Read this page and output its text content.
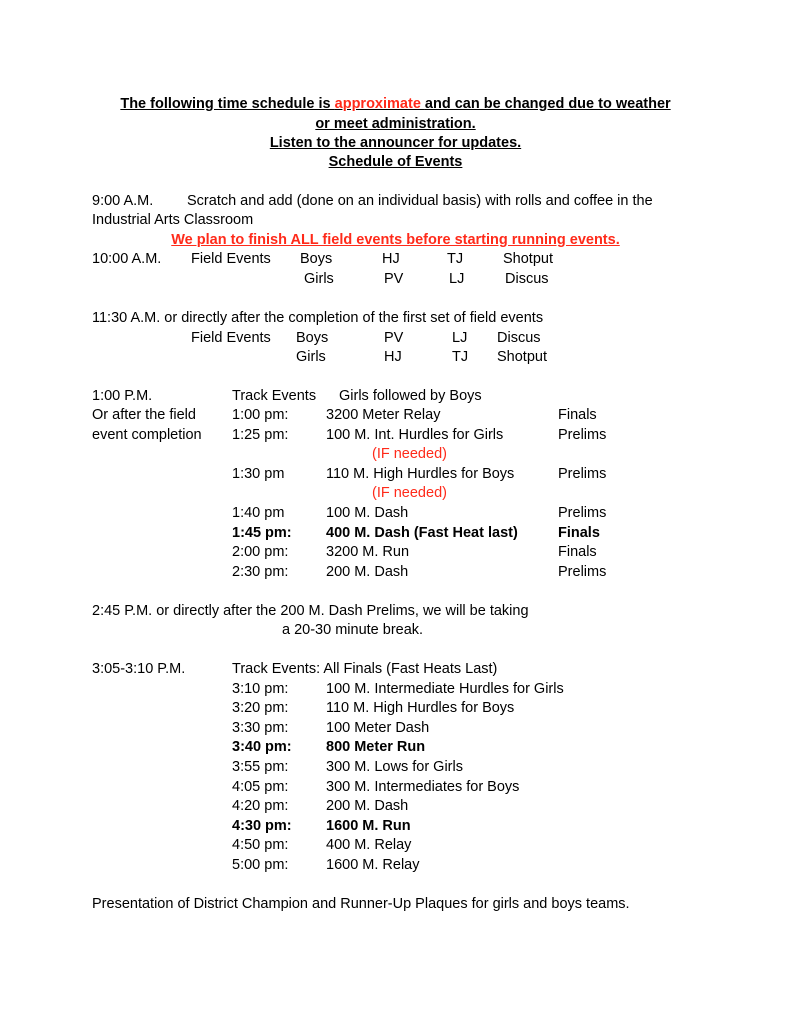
The following time schedule is approximate and can be changed due to weather
or meet administration.
Listen to the announcer for updates.
Schedule of Events
9:00 A.M. Scratch and add (done on an individual basis) with rolls and coffee in the
Industrial Arts Classroom
We plan to finish ALL field events before starting running events.
10:00 A.M. Field Events Boys	HJ	TJ	Shotput
Girls	PV	LJ	Discus
11:30 A.M. or directly after the completion of the first set of field events
Field Events Boys	PV	LJ Discus
Girls	HJ	TJ Shotput
1:00 P.M.
Or after the field
event completion
Track Events Girls followed by Boys
1:00 pm:	3200 Meter Relay	Finals
1:25 pm:	100 M. Int. Hurdles for Girls	Prelims
(IF needed)
1:30 pm	110 M. High Hurdles for Boys	Prelims
(IF needed)
1:40 pm	100 M. Dash	Prelims
1:45 pm: 400 M. Dash (Fast Heat last)	Finals
2:00 pm:	3200 M. Run	Finals
2:30 pm:	200 M. Dash	Prelims
2:45 P.M. or directly after the 200 M. Dash Prelims, we will be taking
a 20-30 minute break.
3:05-3:10 P.M.	Track Events: All Finals (Fast Heats Last)
3:10 pm:	100 M. Intermediate Hurdles for Girls
3:20 pm:	110 M. High Hurdles for Boys
3:30 pm:	100 Meter Dash
3:40 pm: 800 Meter Run
3:55 pm:	300 M. Lows for Girls
4:05 pm:	300 M. Intermediates for Boys
4:20 pm:	200 M. Dash
4:30 pm: 1600 M. Run
4:50 pm:	400 M. Relay
5:00 pm:	1600 M. Relay
Presentation of District Champion and Runner-Up Plaques for girls and boys teams.
